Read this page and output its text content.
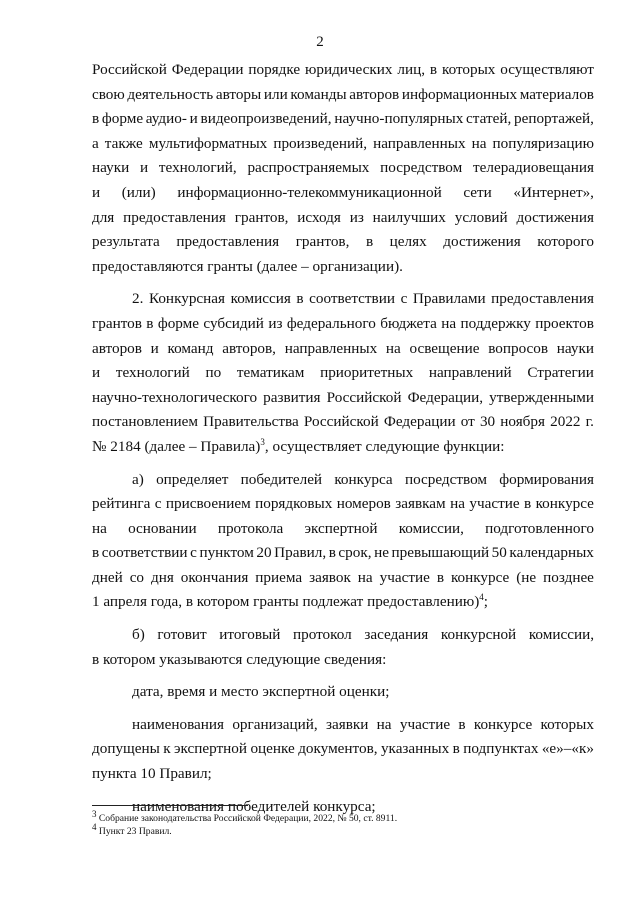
2
Российской Федерации порядке юридических лиц, в которых осуществляют
свою деятельность авторы или команды авторов информационных материалов
в форме аудио- и видеопроизведений, научно-популярных статей, репортажей,
а также мультиформатных произведений, направленных на популяризацию
науки и технологий, распространяемых посредством телерадиовещания
и (или) информационно-телекоммуникационной сети «Интернет»,
для предоставления грантов, исходя из наилучших условий достижения
результата предоставления грантов, в целях достижения которого
предоставляются гранты (далее – организации).
2. Конкурсная комиссия в соответствии с Правилами предоставления
грантов в форме субсидий из федерального бюджета на поддержку проектов
авторов и команд авторов, направленных на освещение вопросов науки
и технологий по тематикам приоритетных направлений Стратегии
научно-технологического развития Российской Федерации, утвержденными
постановлением Правительства Российской Федерации от 30 ноября 2022 г.
№ 2184 (далее – Правила)$^3$, осуществляет следующие функции:
а) определяет победителей конкурса посредством формирования
рейтинга с присвоением порядковых номеров заявкам на участие в конкурсе
на основании протокола экспертной комиссии, подготовленного
в соответствии с пунктом 20 Правил, в срок, не превышающий 50 календарных
дней со дня окончания приема заявок на участие в конкурсе (не позднее
1 апреля года, в котором гранты подлежат предоставлению)$^4$;
б) готовит итоговый протокол заседания конкурсной комиссии,
в котором указываются следующие сведения:
дата, время и место экспертной оценки;
наименования организаций, заявки на участие в конкурсе которых
допущены к экспертной оценке документов, указанных в подпунктах «е»–«к»
пункта 10 Правил;
наименования победителей конкурса;
$^3$ Собрание законодательства Российской Федерации, 2022, № 50, ст. 8911.
$^4$ Пункт 23 Правил.
